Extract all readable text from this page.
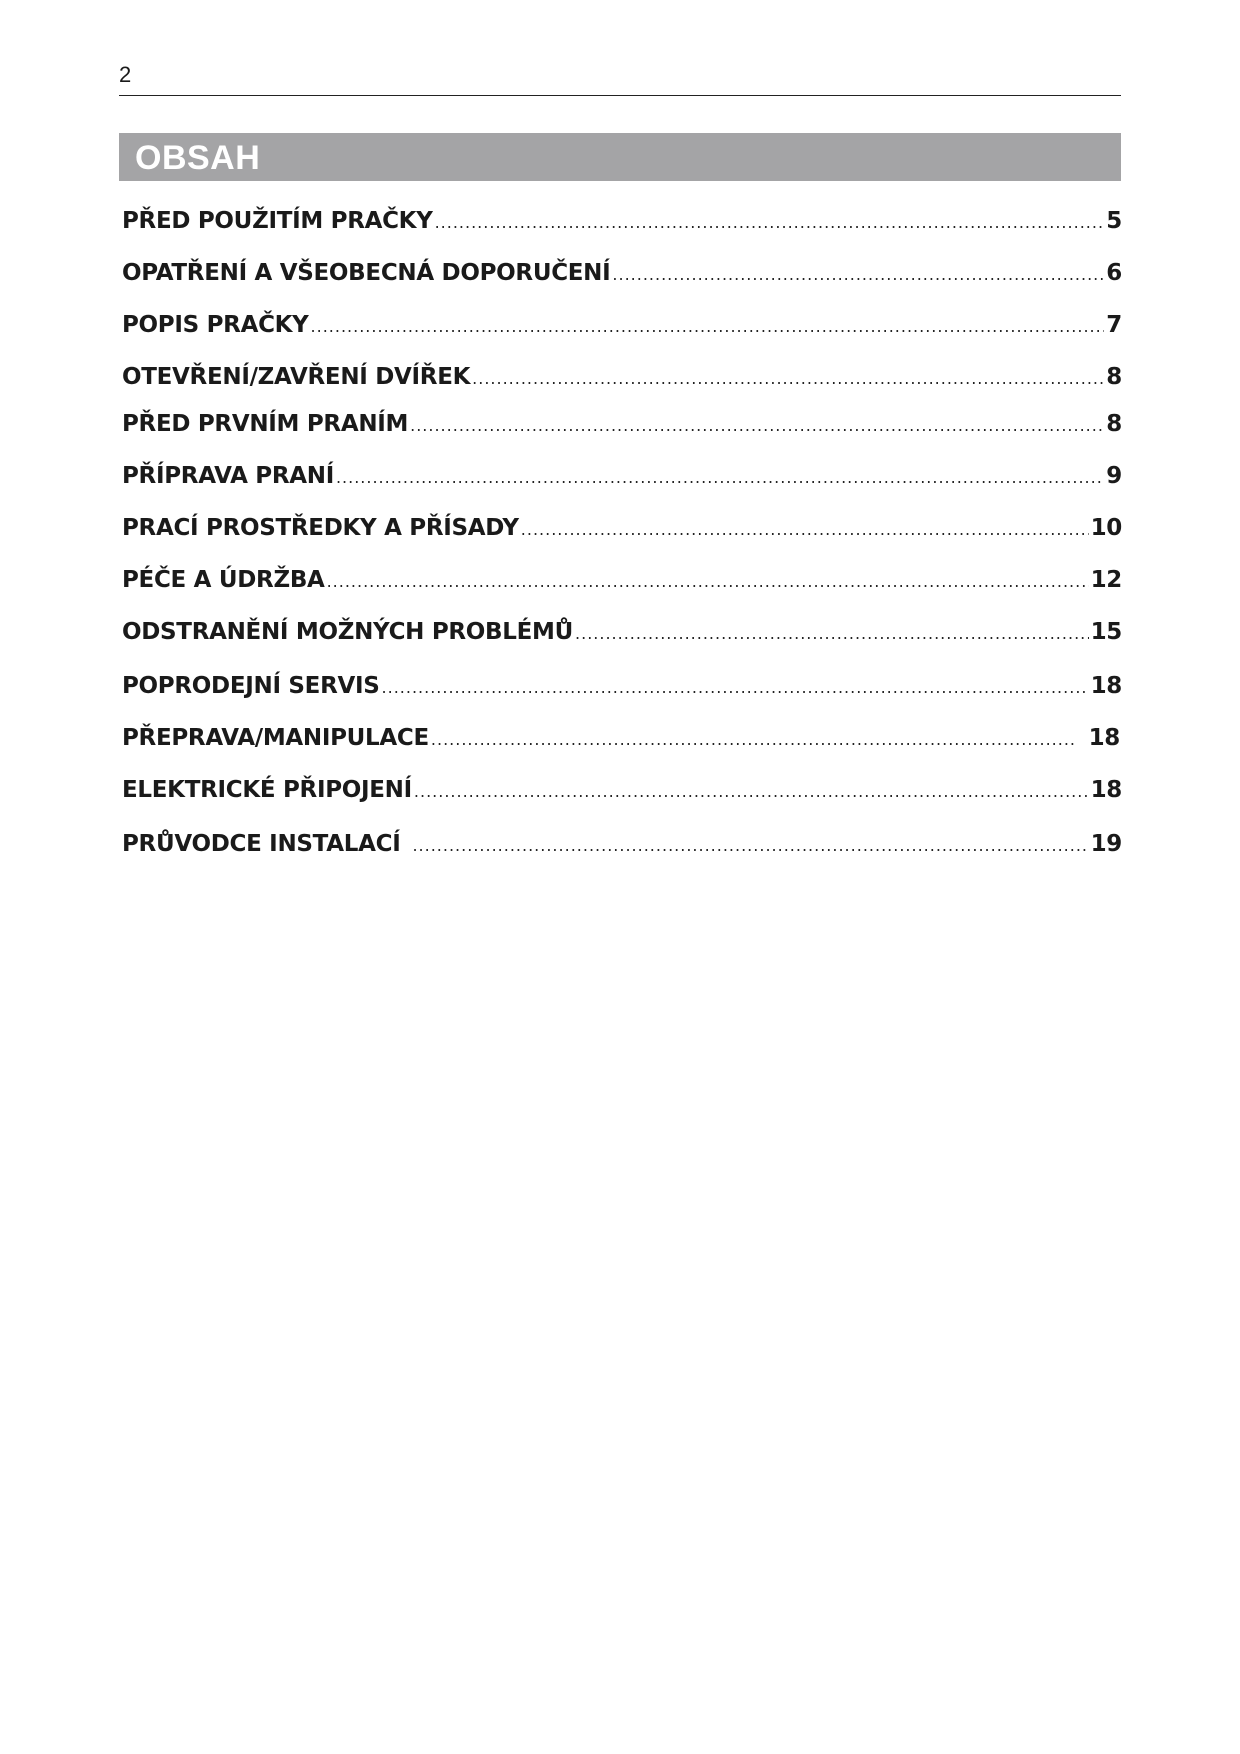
2
OBSAH
PŘED POUŽITÍM PRAČKY .....	5
OPATŘENÍ A VŠEOBECNÁ DOPORUČENÍ .....	6
POPIS PRAČKY .....	7
OTEVŘENÍ/ZAVŘENÍ DVÍŘEK .....	8
PŘED PRVNÍM PRANÍM .....	8
PŘÍPRAVA PRANÍ .....	9
PRACÍ PROSTŘEDKY A PŘÍSADY .....	10
PÉČE A ÚDRŽBA .....	12
ODSTRANĚNÍ MOŽNÝCH PROBLÉMŮ .....	15
POPRODEJNÍ SERVIS .....	18
PŘEPRAVA/MANIPULACE .....	18
ELEKTRICKÉ PŘIPOJENÍ .....	18
PRŮVODCE INSTALACÍ .....	19
